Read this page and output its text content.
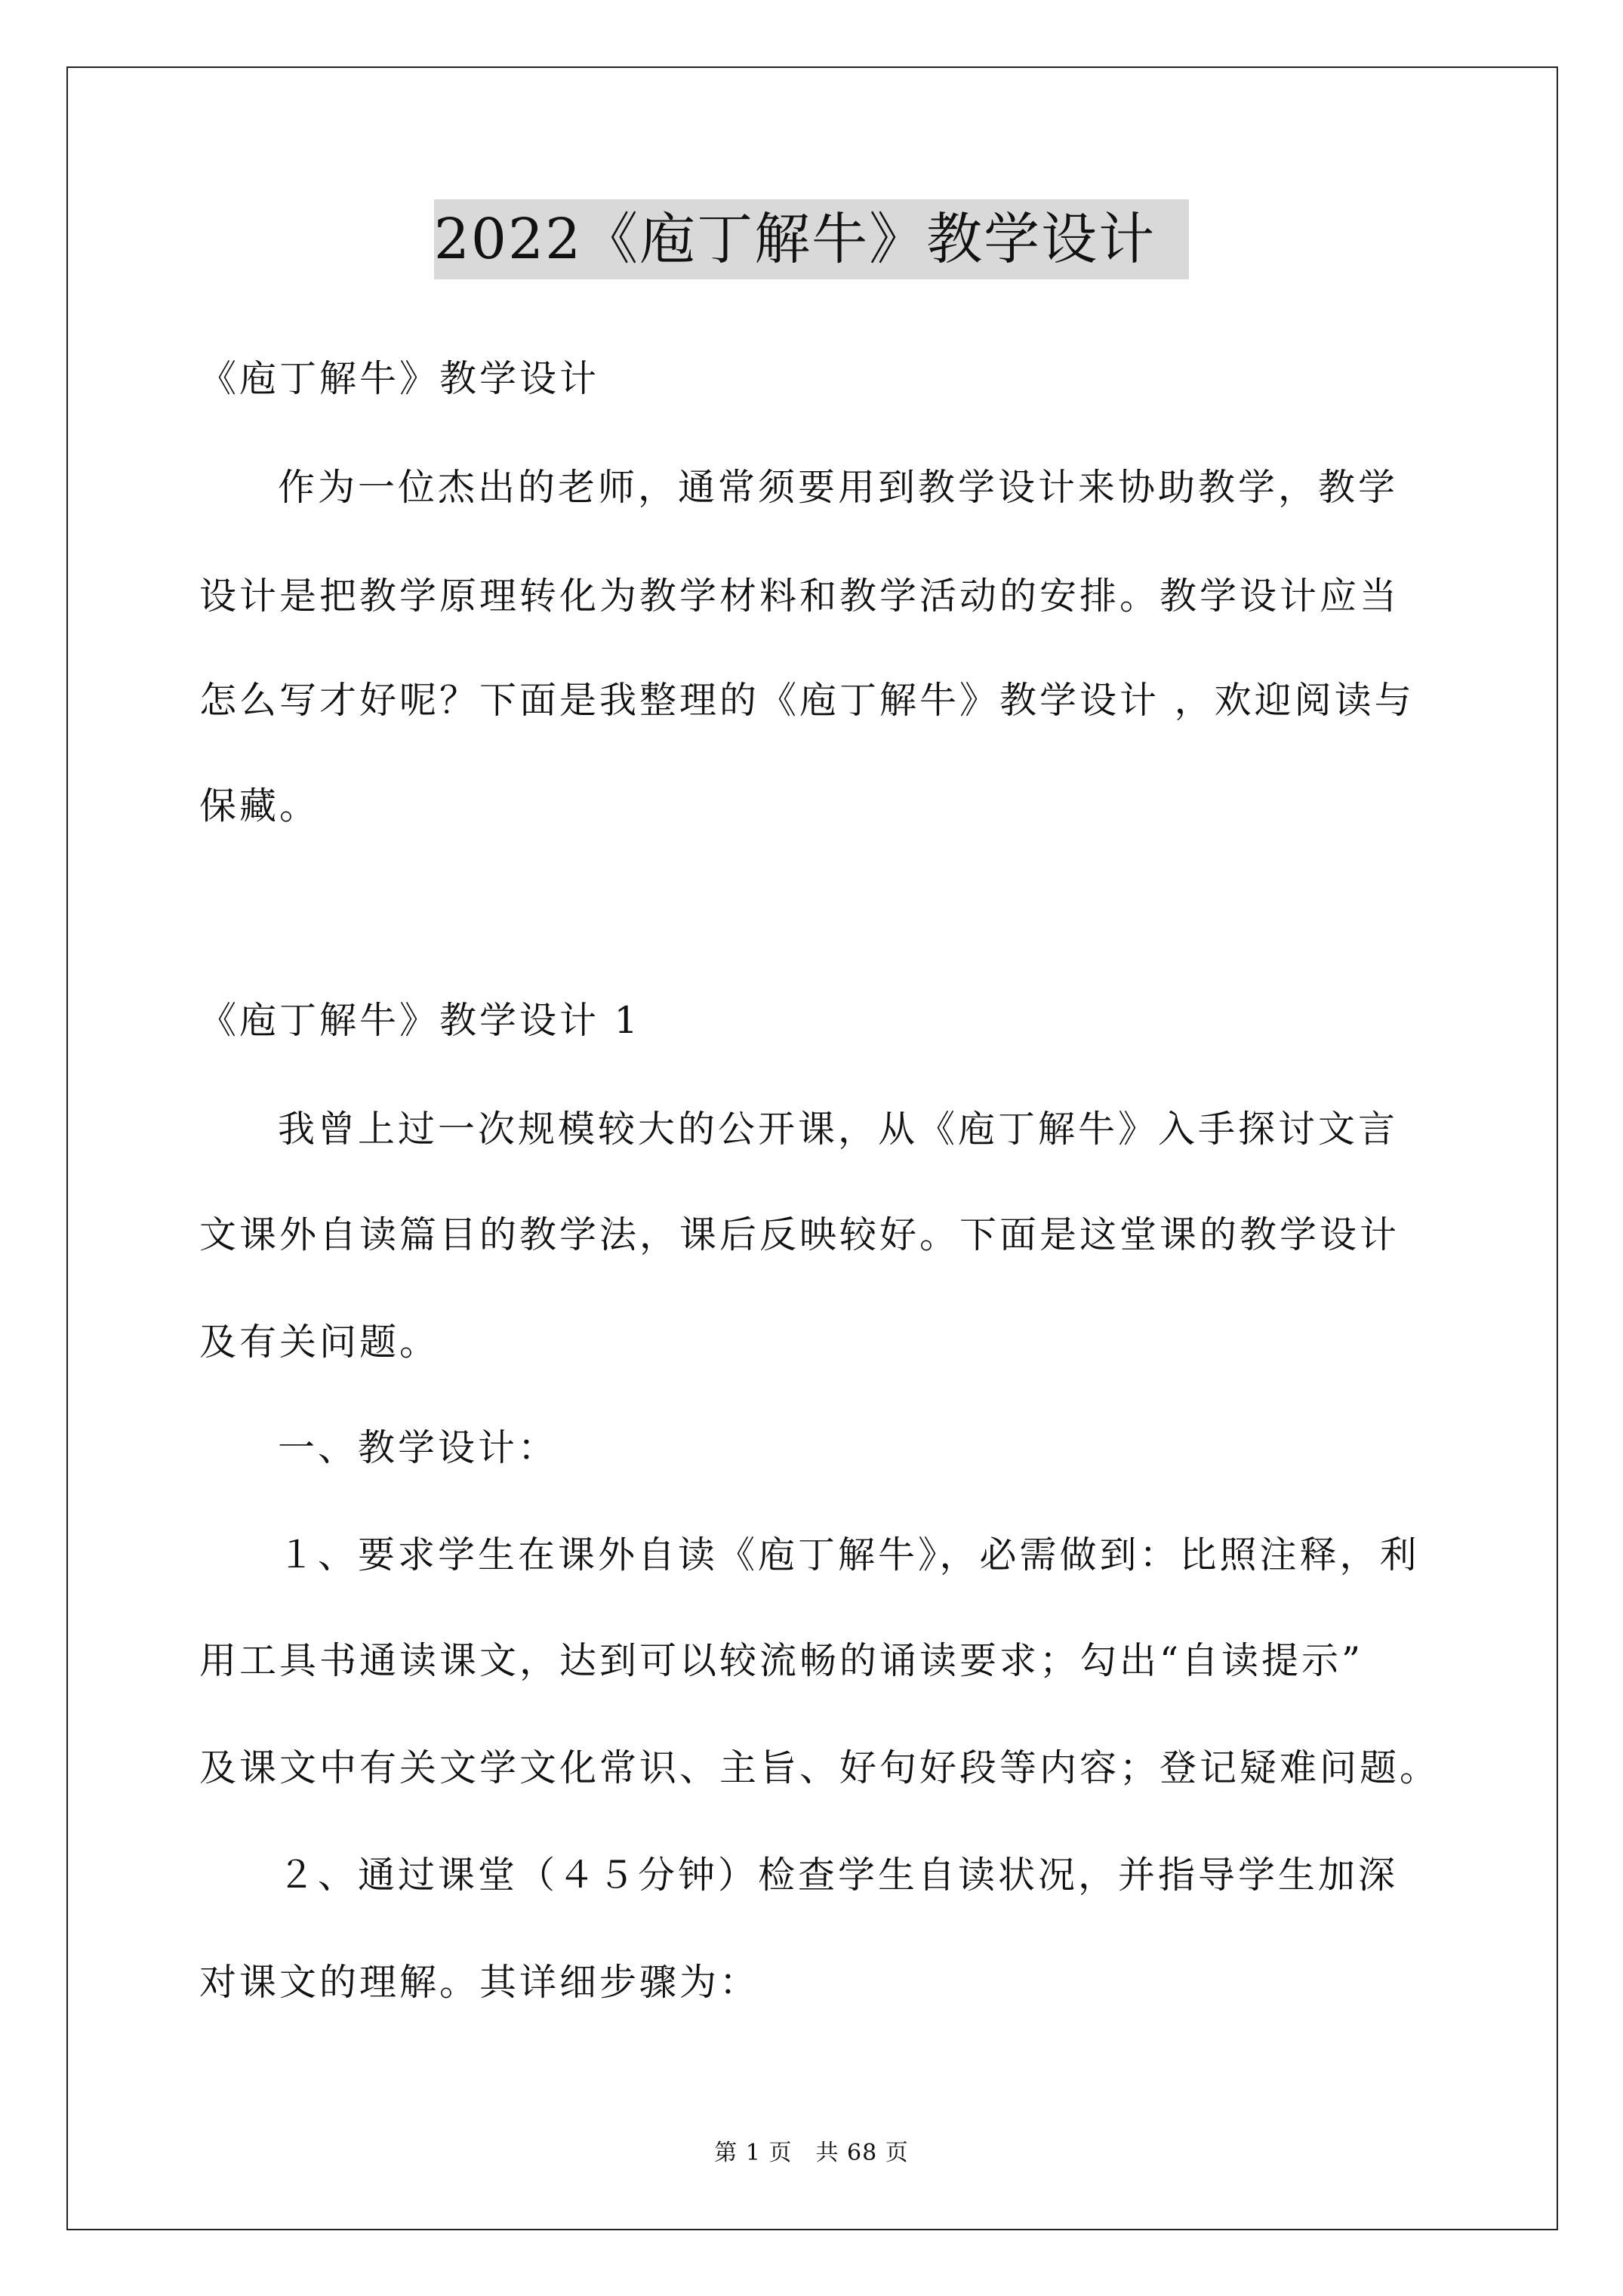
2022《庖丁解牛》教学设计
《庖丁解牛》教学设计
作为一位杰出的老师，通常须要用到教学设计来协助教学，教学
设计是把教学原理转化为教学材料和教学活动的安排。教学设计应当
怎么写才好呢？下面是我整理的《庖丁解牛》教学设计 ，欢迎阅读与
保藏。
《庖丁解牛》教学设计 1
我曾上过一次规模较大的公开课，从《庖丁解牛》入手探讨文言
文课外自读篇目的教学法，课后反映较好。下面是这堂课的教学设计
及有关问题。
一、教学设计：
１、要求学生在课外自读《庖丁解牛》，必需做到：比照注释，利
用工具书通读课文，达到可以较流畅的诵读要求；勾出“自读提示”
及课文中有关文学文化常识、主旨、好句好段等内容；登记疑难问题。
２、通过课堂（４５分钟）检查学生自读状况，并指导学生加深
对课文的理解。其详细步骤为：
第 1 页　共 68 页
